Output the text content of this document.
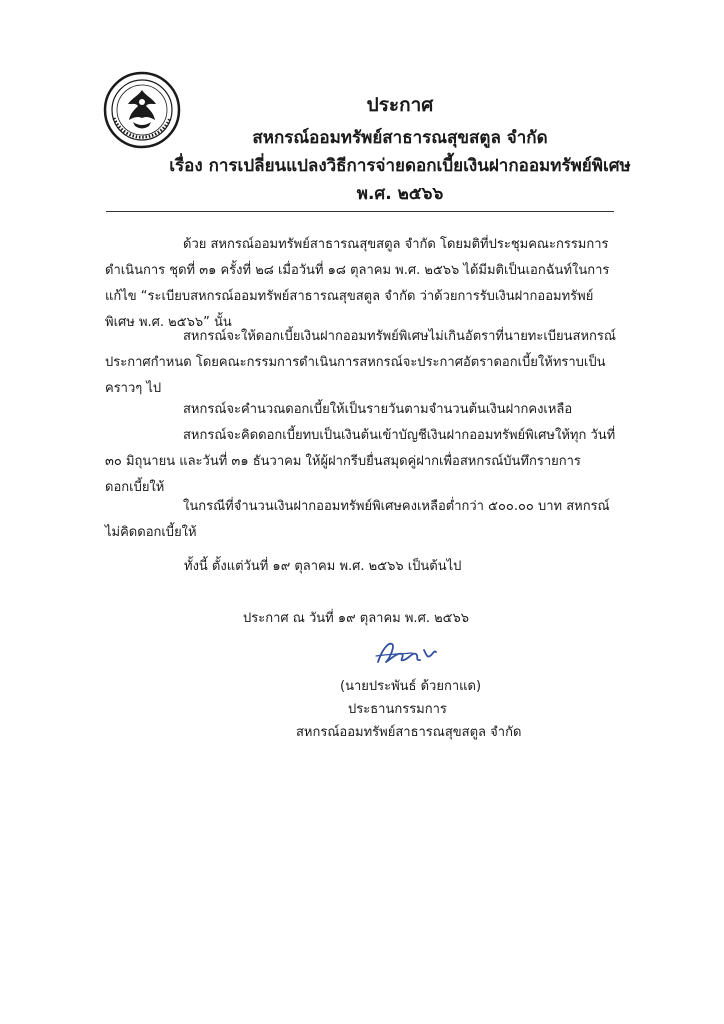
ประกาศ
สหกรณ์ออมทรัพย์สาธารณสุขสตูล จำกัด
เรื่อง การเปลี่ยนแปลงวิธีการจ่ายดอกเบี้ยเงินฝากออมทรัพย์พิเศษ
พ.ศ. ๒๕๖๖

ด้วย สหกรณ์ออมทรัพย์สาธารณสุขสตูล จำกัด โดยมติที่ประชุมคณะกรรมการดำเนินการ ชุดที่ ๓๑ ครั้งที่ ๒๘ เมื่อวันที่ ๑๘ ตุลาคม พ.ศ. ๒๕๖๖ ได้มีมติเป็นเอกฉันท์ในการแก้ไข “ระเบียบสหกรณ์ออมทรัพย์สาธารณสุขสตูล จำกัด ว่าด้วยการรับเงินฝากออมทรัพย์พิเศษ พ.ศ. ๒๕๖๖” นั้น

สหกรณ์จะให้ดอกเบี้ยเงินฝากออมทรัพย์พิเศษไม่เกินอัตราที่นายทะเบียนสหกรณ์ประกาศกำหนด โดยคณะกรรมการดำเนินการสหกรณ์จะประกาศอัตราดอกเบี้ยให้ทราบเป็นคราวๆ ไป

สหกรณ์จะคำนวณดอกเบี้ยให้เป็นรายวันตามจำนวนต้นเงินฝากคงเหลือ

สหกรณ์จะคิดดอกเบี้ยทบเป็นเงินต้นเข้าบัญชีเงินฝากออมทรัพย์พิเศษให้ทุก วันที่ ๓๐ มิถุนายน และวันที่ ๓๑ ธันวาคม ให้ผู้ฝากรีบยื่นสมุดคู่ฝากเพื่อสหกรณ์บันทึกรายการดอกเบี้ยให้

ในกรณีที่จำนวนเงินฝากออมทรัพย์พิเศษคงเหลือต่ำกว่า ๕๐๐.๐๐ บาท สหกรณ์ไม่คิดดอกเบี้ยให้

ทั้งนี้ ตั้งแต่วันที่ ๑๙ ตุลาคม พ.ศ. ๒๕๖๖ เป็นต้นไป
ประกาศ ณ วันที่ ๑๙ ตุลาคม พ.ศ. ๒๕๖๖
(นายประพันธ์ ด้วยกาแด)
ประธานกรรมการ
สหกรณ์ออมทรัพย์สาธารณสุขสตูล จำกัด
